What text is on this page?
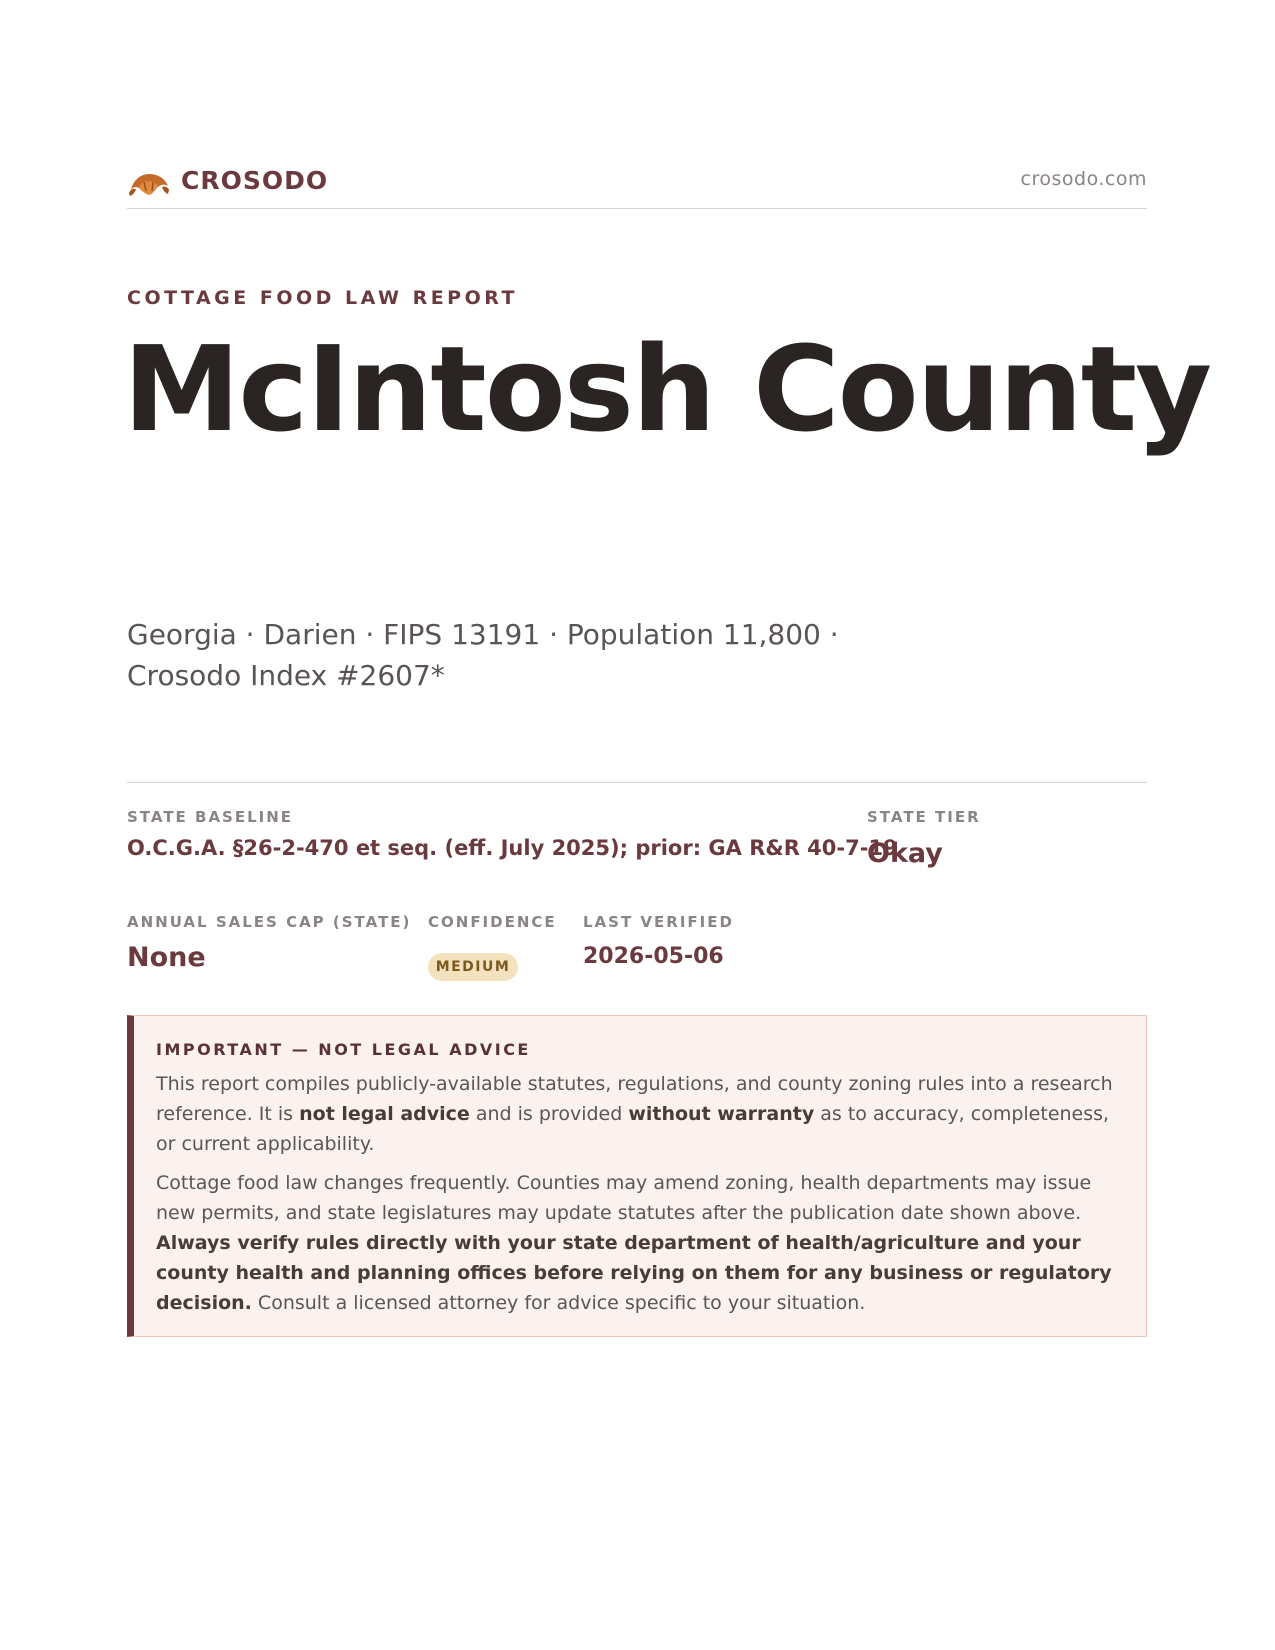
CROSODO	crosodo.com
COTTAGE FOOD LAW REPORT
McIntosh County
Georgia · Darien · FIPS 13191 · Population 11,800 · Crosodo Index #2607*
STATE BASELINE
O.C.G.A. §26-2-470 et seq. (eff. July 2025); prior: GA R&R 40-7-19
STATE TIER
Okay
ANNUAL SALES CAP (STATE)
None
CONFIDENCE
MEDIUM
LAST VERIFIED
2026-05-06
IMPORTANT — NOT LEGAL ADVICE

This report compiles publicly-available statutes, regulations, and county zoning rules into a research reference. It is not legal advice and is provided without warranty as to accuracy, completeness, or current applicability.

Cottage food law changes frequently. Counties may amend zoning, health departments may issue new permits, and state legislatures may update statutes after the publication date shown above. Always verify rules directly with your state department of health/agriculture and your county health and planning offices before relying on them for any business or regulatory decision. Consult a licensed attorney for advice specific to your situation.
